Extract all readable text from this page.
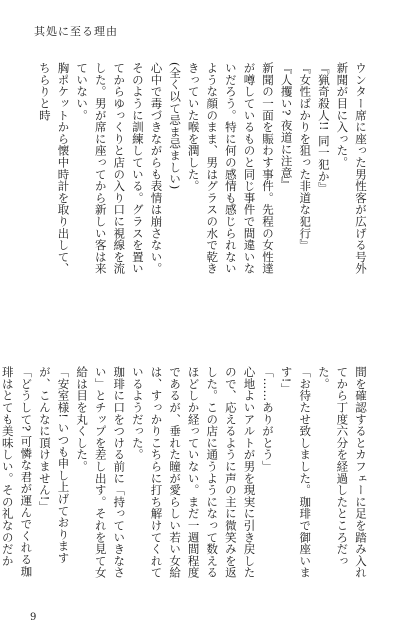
其処に至る理由

ウンター席に座った男性客が広げる号外新聞が目に入った。

『猟奇殺人!! 同一犯か』

『女性ばかりを狙った非道な犯行』

『人攫い? 夜道に注意』

新聞の一面を賑わす事件。先程の女性達が噂しているものと同じ事件で間違いないだろう。特に何の感情も感じられないような顔のまま、男はグラスの水で乾ききっていた喉を潤した。

(全く以て忌ま忌ましい)

心中で毒づきながらも表情は崩さない。そのように訓練している。グラスを置いてからゆっくりと店の入り口に視線を流した。男が席に座ってから新しい客は来ていない。

胸ポケットから懐中時計を取り出して、ちらりと時

間を確認するとカフェーに足を踏み入れてから丁度六分を経過したところだった。

「お待たせ致しました。珈琲で御座います!」

「……ありがとう」

心地よいアルトが男を現実に引き戻したので、応えるように声の主に微笑みを返した。この店に通うようになって数えるほどしか経っていない。まだ一週間程度であるが、垂れた瞳が愛らしい若い女給は、すっかりこちらに打ち解けてくれているようだった。

珈琲に口をつける前に「持っていきなさい」とチップを差し出す。それを見て女給は目を丸くした。

「安室様! いつも申し上げておりますが、こんなに頂けません!」

「どうして? 可憐な君が運んでくれる珈琲はとても美味しい。その礼なのだか

9
